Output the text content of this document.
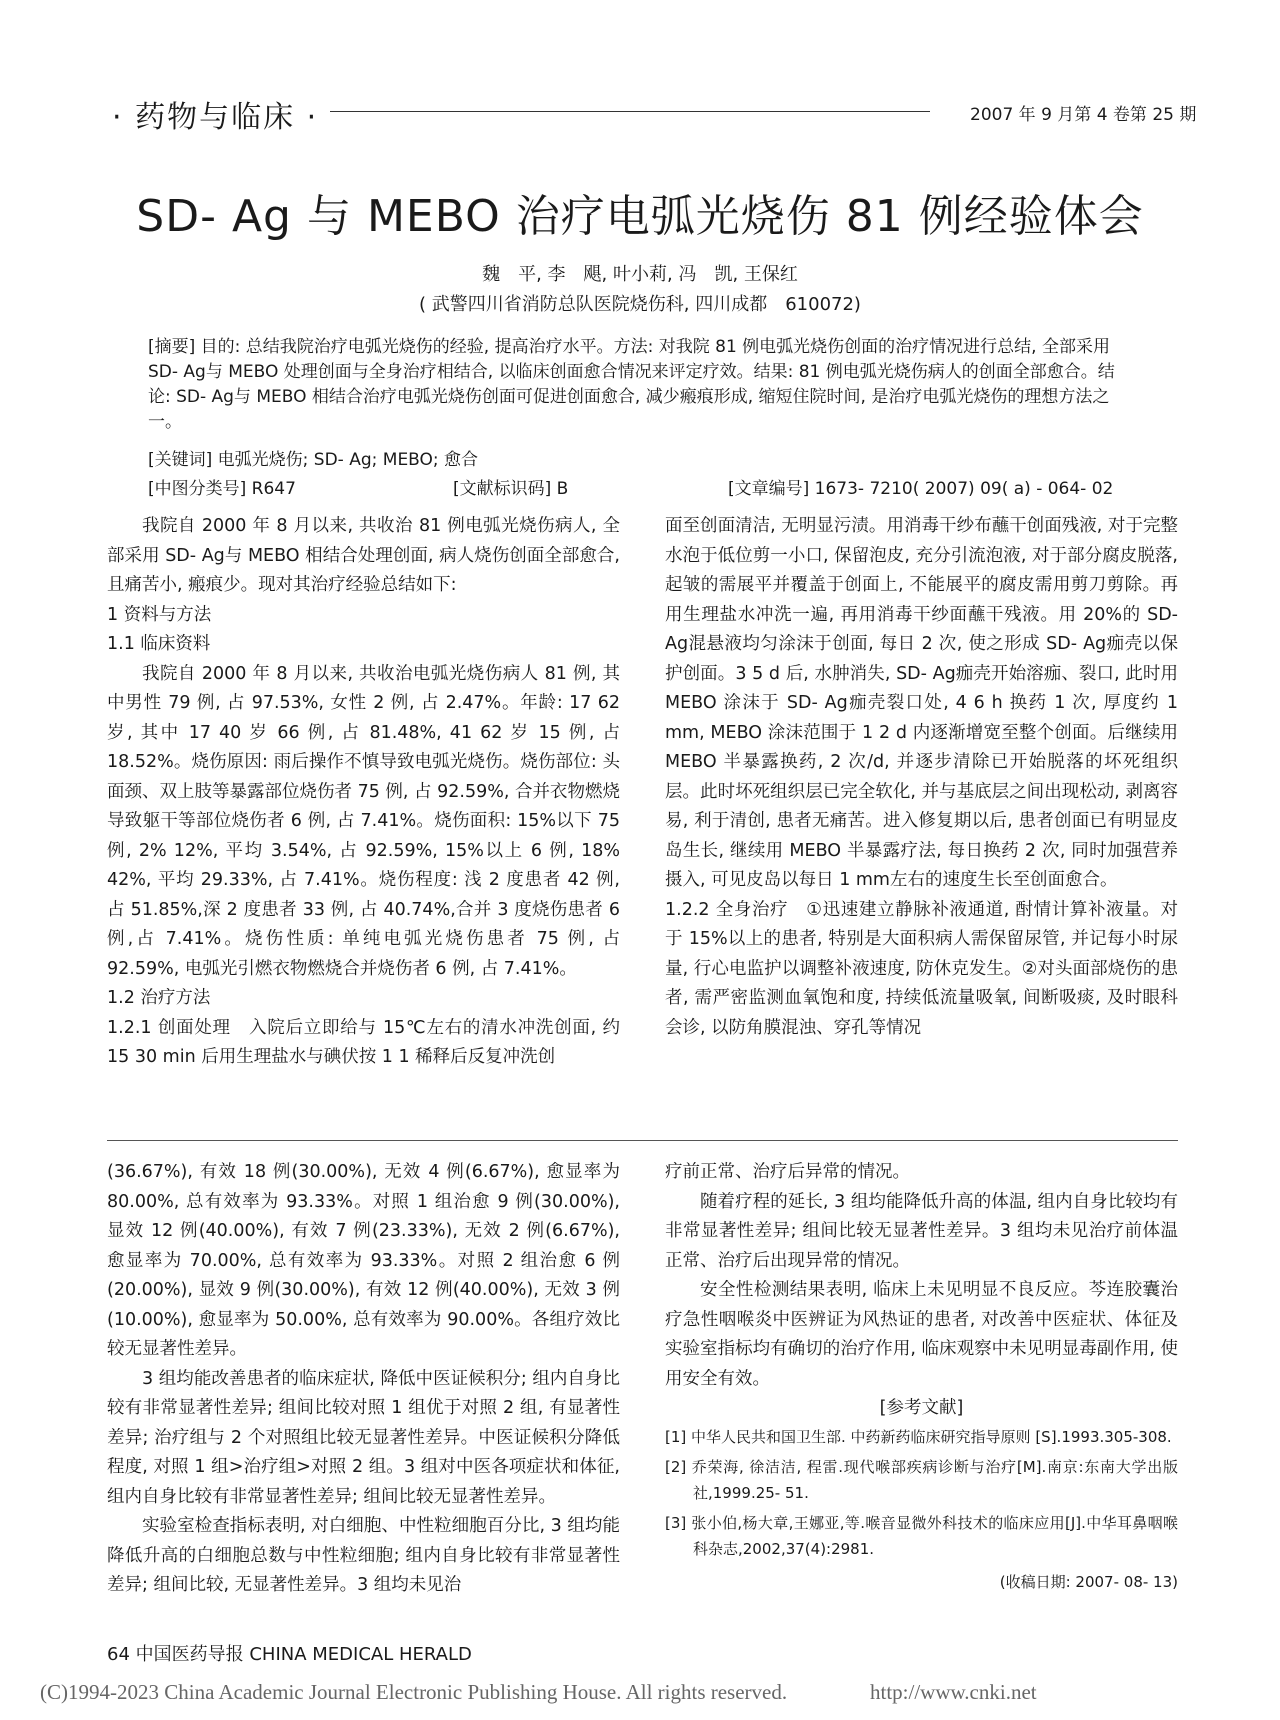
· 药物与临床 ·	2007 年 9 月第 4 卷第 25 期
SD- Ag 与 MEBO 治疗电弧光烧伤 81 例经验体会
魏　平, 李　飓, 叶小莉, 冯　凯, 王保红
( 武警四川省消防总队医院烧伤科, 四川成都　610072)
[摘要] 目的: 总结我院治疗电弧光烧伤的经验, 提高治疗水平。方法: 对我院 81 例电弧光烧伤创面的治疗情况进行总结, 全部采用 SD- Ag与 MEBO 处理创面与全身治疗相结合, 以临床创面愈合情况来评定疗效。结果: 81 例电弧光烧伤病人的创面全部愈合。结论: SD- Ag与 MEBO 相结合治疗电弧光烧伤创面可促进创面愈合, 减少瘢痕形成, 缩短住院时间, 是治疗电弧光烧伤的理想方法之一。
[关键词] 电弧光烧伤; SD- Ag; MEBO; 愈合
[中图分类号] R647	[文献标识码] B	[文章编号] 1673- 7210( 2007) 09( a) - 064- 02

我院自 2000 年 8 月以来, 共收治 81 例电弧光烧伤病人, 全部采用 SD- Ag与 MEBO 相结合处理创面, 病人烧伤创面全部愈合, 且痛苦小, 瘢痕少。现对其治疗经验总结如下:

1 资料与方法

1.1 临床资料

我院自 2000 年 8 月以来, 共收治电弧光烧伤病人 81 例, 其中男性 79 例, 占 97.53%, 女性 2 例, 占 2.47%。年龄: 17 62 岁, 其中 17 40 岁 66 例, 占 81.48%, 41 62 岁 15 例, 占 18.52%。烧伤原因: 雨后操作不慎导致电弧光烧伤。烧伤部位: 头面颈、双上肢等暴露部位烧伤者 75 例, 占 92.59%, 合并衣物燃烧导致躯干等部位烧伤者 6 例, 占 7.41%。烧伤面积: 15%以下 75 例, 2% 12%, 平均 3.54%, 占 92.59%, 15%以上 6 例, 18% 42%, 平均 29.33%, 占 7.41%。烧伤程度: 浅 2 度患者 42 例, 占 51.85%,深 2 度患者 33 例, 占 40.74%,合并 3 度烧伤患者 6 例,占 7.41%。烧伤性质: 单纯电弧光烧伤患者 75 例, 占 92.59%, 电弧光引燃衣物燃烧合并烧伤者 6 例, 占 7.41%。

1.2 治疗方法

1.2.1 创面处理　入院后立即给与 15℃左右的清水冲洗创面, 约 15 30 min 后用生理盐水与碘伏按 1 1 稀释后反复冲洗创

面至创面清洁, 无明显污渍。用消毒干纱布蘸干创面残液, 对于完整水泡于低位剪一小口, 保留泡皮, 充分引流泡液, 对于部分腐皮脱落, 起皱的需展平并覆盖于创面上, 不能展平的腐皮需用剪刀剪除。再用生理盐水冲洗一遍, 再用消毒干纱面蘸干残液。用 20%的 SD- Ag混悬液均匀涂沫于创面, 每日 2 次, 使之形成 SD- Ag痂壳以保护创面。3 5 d 后, 水肿消失, SD- Ag痂壳开始溶痂、裂口, 此时用 MEBO 涂沫于 SD- Ag痂壳裂口处, 4 6 h 换药 1 次, 厚度约 1 mm, MEBO 涂沫范围于 1 2 d 内逐渐增宽至整个创面。后继续用 MEBO 半暴露换药, 2 次/d, 并逐步清除已开始脱落的坏死组织层。此时坏死组织层已完全软化, 并与基底层之间出现松动, 剥离容易, 利于清创, 患者无痛苦。进入修复期以后, 患者创面已有明显皮岛生长, 继续用 MEBO 半暴露疗法, 每日换药 2 次, 同时加强营养摄入, 可见皮岛以每日 1 mm左右的速度生长至创面愈合。

1.2.2 全身治疗　①迅速建立静脉补液通道, 酎情计算补液量。对于 15%以上的患者, 特别是大面积病人需保留尿管, 并记每小时尿量, 行心电监护以调整补液速度, 防休克发生。②对头面部烧伤的患者, 需严密监测血氧饱和度, 持续低流量吸氧, 间断吸痰, 及时眼科会诊, 以防角膜混浊、穿孔等情况

(36.67%), 有效 18 例(30.00%), 无效 4 例(6.67%), 愈显率为 80.00%, 总有效率为 93.33%。对照 1 组治愈 9 例(30.00%), 显效 12 例(40.00%), 有效 7 例(23.33%), 无效 2 例(6.67%), 愈显率为 70.00%, 总有效率为 93.33%。对照 2 组治愈 6 例(20.00%), 显效 9 例(30.00%), 有效 12 例(40.00%), 无效 3 例(10.00%), 愈显率为 50.00%, 总有效率为 90.00%。各组疗效比较无显著性差异。

3 组均能改善患者的临床症状, 降低中医证候积分; 组内自身比较有非常显著性差异; 组间比较对照 1 组优于对照 2 组, 有显著性差异; 治疗组与 2 个对照组比较无显著性差异。中医证候积分降低程度, 对照 1 组>治疗组>对照 2 组。3 组对中医各项症状和体征, 组内自身比较有非常显著性差异; 组间比较无显著性差异。

实验室检查指标表明, 对白细胞、中性粒细胞百分比, 3 组均能降低升高的白细胞总数与中性粒细胞; 组内自身比较有非常显著性差异; 组间比较, 无显著性差异。3 组均未见治

疗前正常、治疗后异常的情况。

随着疗程的延长, 3 组均能降低升高的体温, 组内自身比较均有非常显著性差异; 组间比较无显著性差异。3 组均未见治疗前体温正常、治疗后出现异常的情况。

安全性检测结果表明, 临床上未见明显不良反应。芩连胶囊治疗急性咽喉炎中医辨证为风热证的患者, 对改善中医症状、体征及实验室指标均有确切的治疗作用, 临床观察中未见明显毒副作用, 使用安全有效。

[参考文献]

[1] 中华人民共和国卫生部. 中药新药临床研究指导原则 [S].1993.305-308.

[2] 乔荣海, 徐洁洁, 程雷.现代喉部疾病诊断与治疗[M].南京:东南大学出版社,1999.25- 51.

[3] 张小伯,杨大章,王娜亚,等.喉音显微外科技术的临床应用[J].中华耳鼻咽喉科杂志,2002,37(4):2981.

(收稿日期: 2007- 08- 13)
64 中国医药导报 CHINA MEDICAL HERALD
(C)1994-2023 China Academic Journal Electronic Publishing House. All rights reserved.	http://www.cnki.net
